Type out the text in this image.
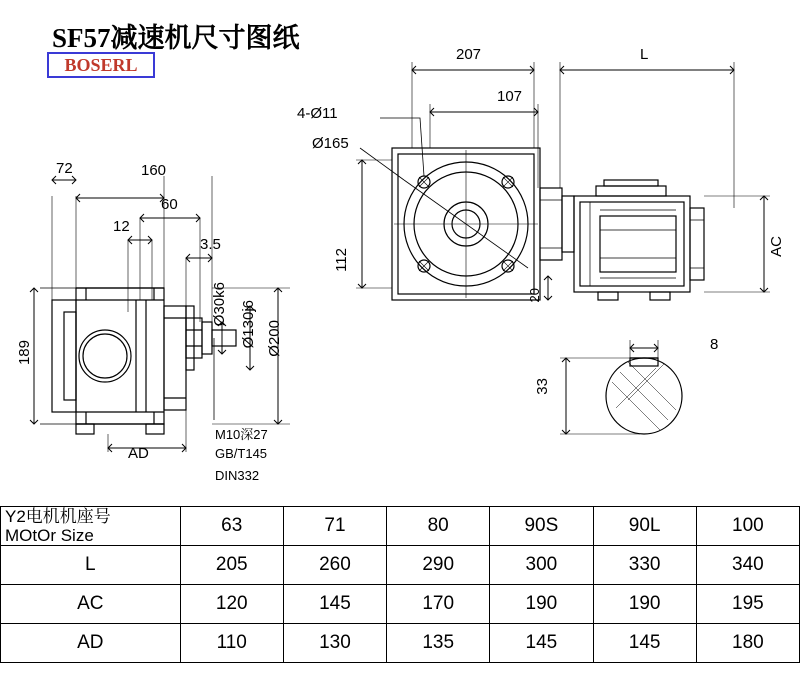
SF57减速机尺寸图纸
BOSERL
207	L
4-Ø11
107
Ø165
112
AC
20
72	160
60
12
3.5
189
Ø30k6 Ø130j6 Ø200
AD
M10深27
GB/T145
DIN332
8
33
Y2电机机座号
MOtOr Size	63	71	80	90S	90L	100
L	205	260	290	300	330	340
AC	120	145	170	190	190	195
AD	110	130	135	145	145	180
